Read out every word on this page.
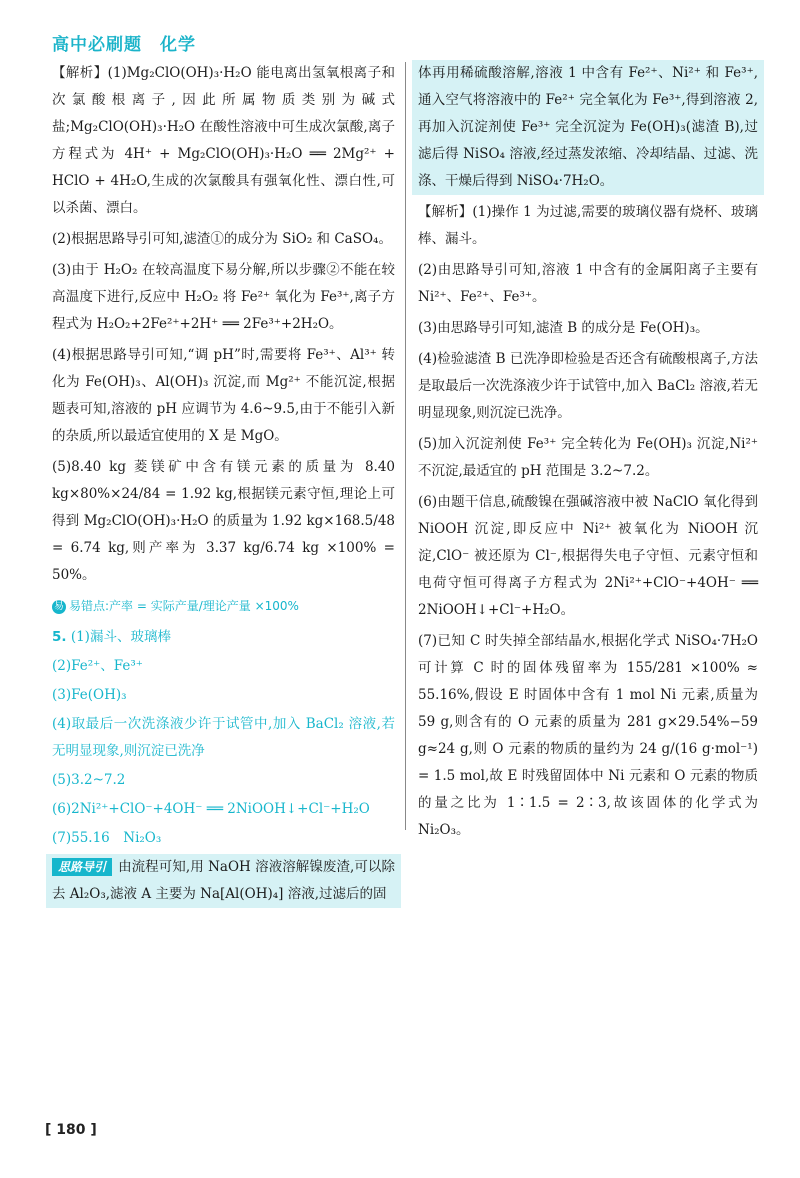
高中必刷题　化学

【解析】(1)Mg₂ClO(OH)₃·H₂O 能电离出氢氧根离子和次氯酸根离子,因此所属物质类别为碱式盐;Mg₂ClO(OH)₃·H₂O 在酸性溶液中可生成次氯酸,离子方程式为 4H⁺ + Mg₂ClO(OH)₃·H₂O ══ 2Mg²⁺ + HClO + 4H₂O,生成的次氯酸具有强氧化性、漂白性,可以杀菌、漂白。

(2)根据思路导引可知,滤渣①的成分为 SiO₂ 和 CaSO₄。

(3)由于 H₂O₂ 在较高温度下易分解,所以步骤②不能在较高温度下进行,反应中 H₂O₂ 将 Fe²⁺ 氧化为 Fe³⁺,离子方程式为 H₂O₂+2Fe²⁺+2H⁺ ══ 2Fe³⁺+2H₂O。

(4)根据思路导引可知,“调 pH”时,需要将 Fe³⁺、Al³⁺ 转化为 Fe(OH)₃、Al(OH)₃ 沉淀,而 Mg²⁺ 不能沉淀,根据题表可知,溶液的 pH 应调节为 4.6~9.5,由于不能引入新的杂质,所以最适宜使用的 X 是 MgO。

(5)8.40 kg 菱镁矿中含有镁元素的质量为 8.40 kg×80%×24/84 = 1.92 kg,根据镁元素守恒,理论上可得到 Mg₂ClO(OH)₃·H₂O 的质量为 1.92 kg×168.5/48 = 6.74 kg,则产率为 3.37 kg/6.74 kg ×100% = 50%。

易 易错点:产率 = 实际产量/理论产量 ×100%

5. (1)漏斗、玻璃棒

(2)Fe²⁺、Fe³⁺

(3)Fe(OH)₃

(4)取最后一次洗涤液少许于试管中,加入 BaCl₂ 溶液,若无明显现象,则沉淀已洗净

(5)3.2~7.2

(6)2Ni²⁺+ClO⁻+4OH⁻ ══ 2NiOOH↓+Cl⁻+H₂O

(7)55.16　Ni₂O₃

思路导引 由流程可知,用 NaOH 溶液溶解镍废渣,可以除去 Al₂O₃,滤液 A 主要为 Na[Al(OH)₄] 溶液,过滤后的固

体再用稀硫酸溶解,溶液 1 中含有 Fe²⁺、Ni²⁺ 和 Fe³⁺,通入空气将溶液中的 Fe²⁺ 完全氧化为 Fe³⁺,得到溶液 2,再加入沉淀剂使 Fe³⁺ 完全沉淀为 Fe(OH)₃(滤渣 B),过滤后得 NiSO₄ 溶液,经过蒸发浓缩、冷却结晶、过滤、洗涤、干燥后得到 NiSO₄·7H₂O。

【解析】(1)操作 1 为过滤,需要的玻璃仪器有烧杯、玻璃棒、漏斗。

(2)由思路导引可知,溶液 1 中含有的金属阳离子主要有 Ni²⁺、Fe²⁺、Fe³⁺。

(3)由思路导引可知,滤渣 B 的成分是 Fe(OH)₃。

(4)检验滤渣 B 已洗净即检验是否还含有硫酸根离子,方法是取最后一次洗涤液少许于试管中,加入 BaCl₂ 溶液,若无明显现象,则沉淀已洗净。

(5)加入沉淀剂使 Fe³⁺ 完全转化为 Fe(OH)₃ 沉淀,Ni²⁺ 不沉淀,最适宜的 pH 范围是 3.2~7.2。

(6)由题干信息,硫酸镍在强碱溶液中被 NaClO 氧化得到 NiOOH 沉淀,即反应中 Ni²⁺ 被氧化为 NiOOH 沉淀,ClO⁻ 被还原为 Cl⁻,根据得失电子守恒、元素守恒和电荷守恒可得离子方程式为 2Ni²⁺+ClO⁻+4OH⁻ ══ 2NiOOH↓+Cl⁻+H₂O。

(7)已知 C 时失掉全部结晶水,根据化学式 NiSO₄·7H₂O 可计算 C 时的固体残留率为 155/281 ×100% ≈ 55.16%,假设 E 时固体中含有 1 mol Ni 元素,质量为 59 g,则含有的 O 元素的质量为 281 g×29.54%−59 g≈24 g,则 O 元素的物质的量约为 24 g/(16 g·mol⁻¹) = 1.5 mol,故 E 时残留固体中 Ni 元素和 O 元素的物质的量之比为 1∶1.5 = 2∶3,故该固体的化学式为 Ni₂O₃。

[ 180 ]
